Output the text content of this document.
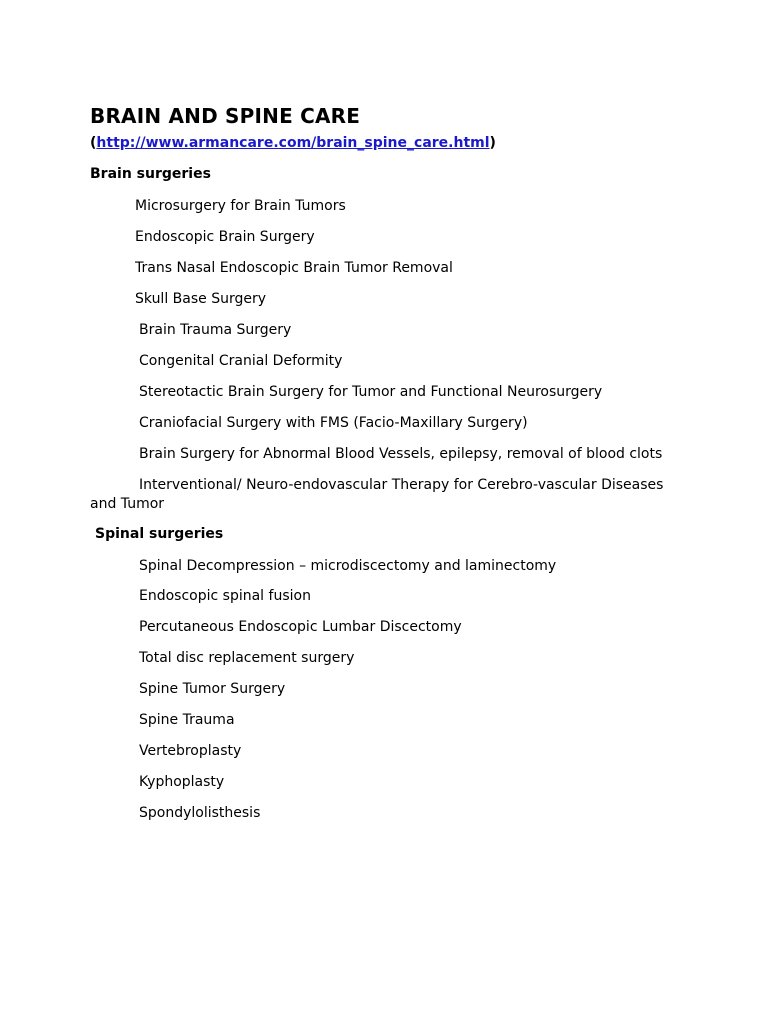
BRAIN AND SPINE CARE
(http://www.armancare.com/brain_spine_care.html)
Brain surgeries
Microsurgery for Brain Tumors
Endoscopic Brain Surgery
Trans Nasal Endoscopic Brain Tumor Removal
Skull Base Surgery
Brain Trauma Surgery
Congenital Cranial Deformity
Stereotactic Brain Surgery for Tumor and Functional Neurosurgery
Craniofacial Surgery with FMS (Facio-Maxillary Surgery)
Brain Surgery for Abnormal Blood Vessels, epilepsy, removal of blood clots
Interventional/ Neuro-endovascular Therapy for Cerebro-vascular Diseases
and Tumor
Spinal surgeries
Spinal Decompression – microdiscectomy and laminectomy
Endoscopic spinal fusion
Percutaneous Endoscopic Lumbar Discectomy
Total disc replacement surgery
Spine Tumor Surgery
Spine Trauma
Vertebroplasty
Kyphoplasty
Spondylolisthesis
